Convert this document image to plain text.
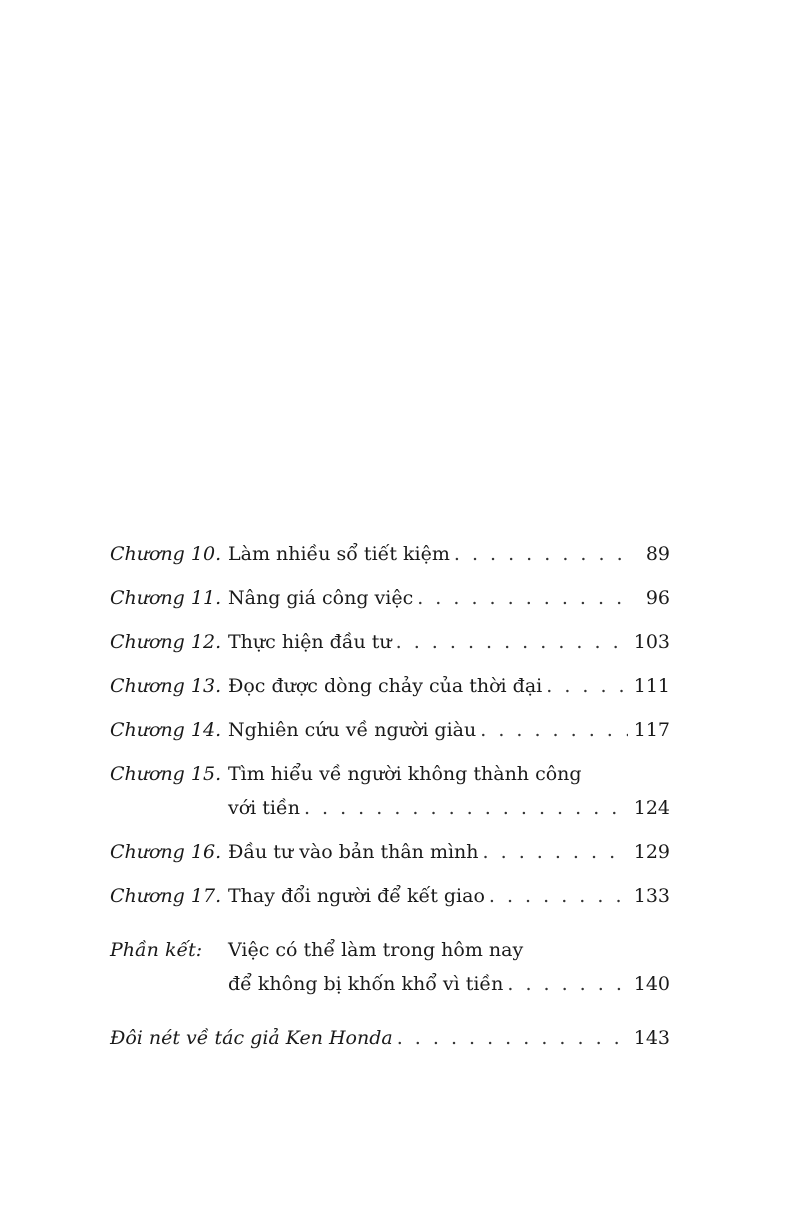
Chương 10. Làm nhiều sổ tiết kiệm . . .	89
Chương 11. Nâng giá công việc . . .	96
Chương 12. Thực hiện đầu tư . . .	103
Chương 13. Đọc được dòng chảy của thời đại . . .	111
Chương 14. Nghiên cứu về người giàu . . .	117
Chương 15. Tìm hiểu về người không thành công
với tiền . . .	124
Chương 16. Đầu tư vào bản thân mình . . .	129
Chương 17. Thay đổi người để kết giao . . .	133
Phần kết:	Việc có thể làm trong hôm nay
để không bị khốn khổ vì tiền . . .	140
Đôi nét về tác giả Ken Honda . . .	143
